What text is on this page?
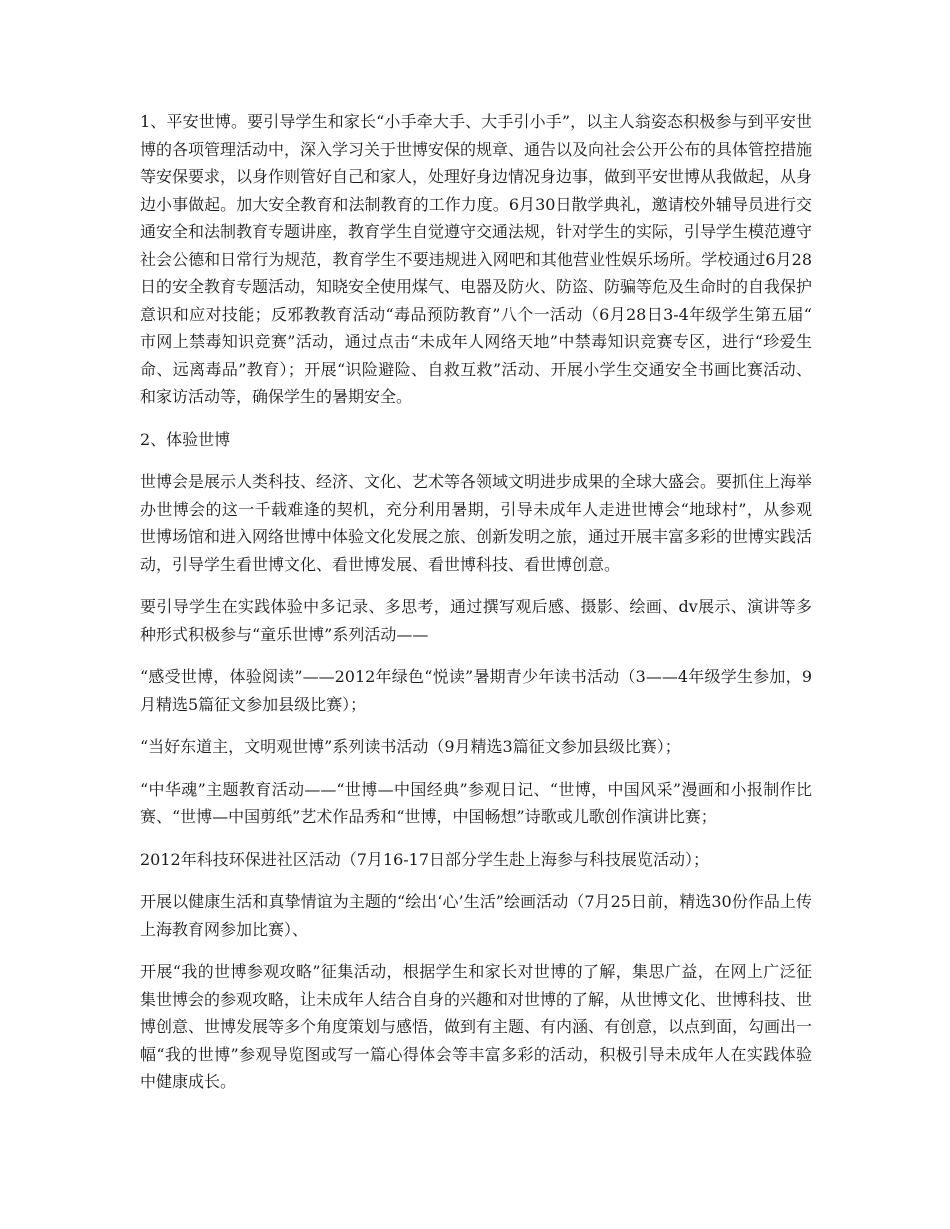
1、平安世博。要引导学生和家长“小手牵大手、大手引小手”，以主人翁姿态积极参与到平安世博的各项管理活动中，深入学习关于世博安保的规章、通告以及向社会公开公布的具体管控措施等安保要求，以身作则管好自己和家人，处理好身边情况身边事，做到平安世博从我做起，从身边小事做起。加大安全教育和法制教育的工作力度。6月30日散学典礼，邀请校外辅导员进行交通安全和法制教育专题讲座，教育学生自觉遵守交通法规，针对学生的实际，引导学生模范遵守社会公德和日常行为规范，教育学生不要违规进入网吧和其他营业性娱乐场所。学校通过6月28日的安全教育专题活动，知晓安全使用煤气、电器及防火、防盗、防骗等危及生命时的自我保护意识和应对技能；反邪教教育活动“毒品预防教育”八个一活动（6月28日3-4年级学生第五届“市网上禁毒知识竞赛”活动，通过点击“未成年人网络天地”中禁毒知识竞赛专区，进行“珍爱生命、远离毒品”教育）；开展“识险避险、自救互救”活动、开展小学生交通安全书画比赛活动、和家访活动等，确保学生的暑期安全。

2、体验世博

世博会是展示人类科技、经济、文化、艺术等各领域文明进步成果的全球大盛会。要抓住上海举办世博会的这一千载难逢的契机，充分利用暑期，引导未成年人走进世博会“地球村”，从参观世博场馆和进入网络世博中体验文化发展之旅、创新发明之旅，通过开展丰富多彩的世博实践活动，引导学生看世博文化、看世博发展、看世博科技、看世博创意。

要引导学生在实践体验中多记录、多思考，通过撰写观后感、摄影、绘画、dv展示、演讲等多种形式积极参与“童乐世博”系列活动——

“感受世博，体验阅读”——2012年绿色“悦读”暑期青少年读书活动（3——4年级学生参加，9月精选5篇征文参加县级比赛）；

“当好东道主，文明观世博”系列读书活动（9月精选3篇征文参加县级比赛）；

“中华魂”主题教育活动——“世博—中国经典”参观日记、“世博，中国风采”漫画和小报制作比赛、“世博—中国剪纸”艺术作品秀和“世博，中国畅想”诗歌或儿歌创作演讲比赛；

2012年科技环保进社区活动（7月16-17日部分学生赴上海参与科技展览活动）；

开展以健康生活和真挚情谊为主题的“绘出‘心’生活”绘画活动（7月25日前，精选30份作品上传上海教育网参加比赛）、

开展“我的世博参观攻略”征集活动，根据学生和家长对世博的了解，集思广益，在网上广泛征集世博会的参观攻略，让未成年人结合自身的兴趣和对世博的了解，从世博文化、世博科技、世博创意、世博发展等多个角度策划与感悟，做到有主题、有内涵、有创意，以点到面，勾画出一幅“我的世博”参观导览图或写一篇心得体会等丰富多彩的活动，积极引导未成年人在实践体验中健康成长。
